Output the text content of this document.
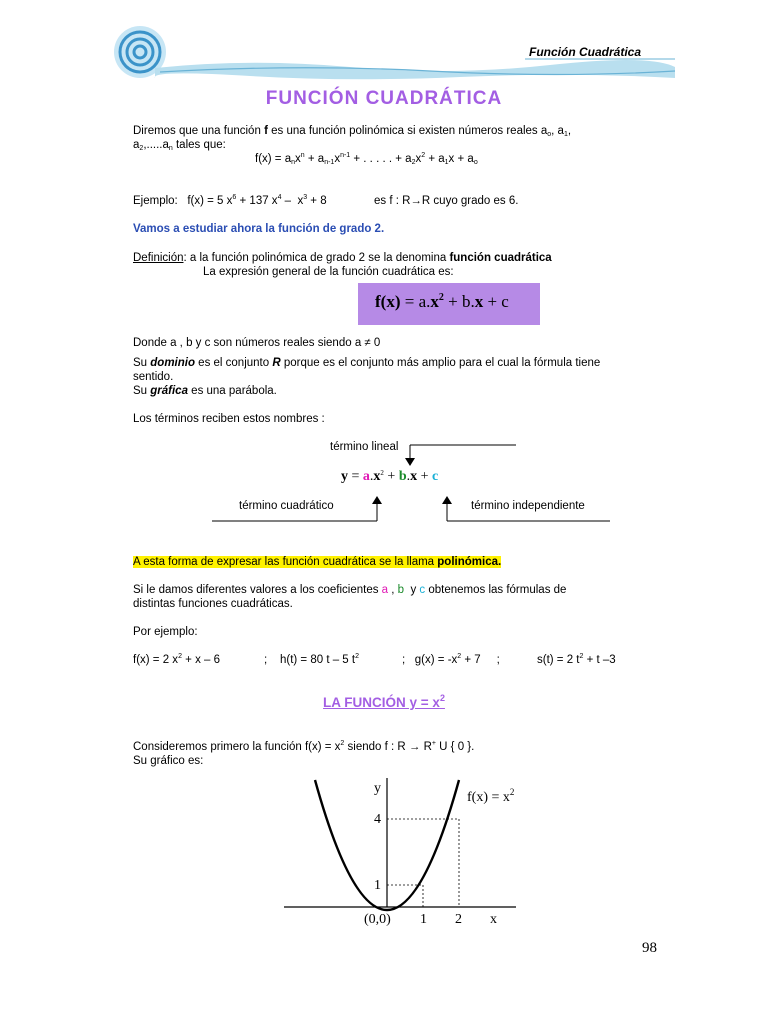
Función Cuadrática
FUNCIÓN CUADRÁTICA
Diremos que una función f es una función polinómica si existen números reales $a_o$, $a_1$,
$a_2,.....a_n$ tales que:
$f(x) = a_nx^n + a_{n-1}x^{n-1}$ + . . . . . + $a_2x^2 + a_1x + a_o$
Ejemplo: f(x) = 5 $x^6 + 137$ $x^4 - x^3 + 8$	es f : R→R cuyo grado es 6.
Vamos a estudiar ahora la función de grado 2.
Definición: a la función polinómica de grado 2 se la denomina función cuadrática
La expresión general de la función cuadrática es:
$f(x) = a.x^2 + b.x + c$
Donde a , b y c son números reales siendo a ≠ 0
Su dominio es el conjunto R porque es el conjunto más amplio para el cual la fórmula tiene
sentido.
Su gráfica es una parábola.
Los términos reciben estos nombres :
término lineal
$y = a.x^2 + b.x + c$
término cuadrático	término independiente
A esta forma de expresar las función cuadrática se la llama polinómica.
Si le damos diferentes valores a los coeficientes a , b  y c obtenemos las fórmulas de
distintas funciones cuadráticas.
Por ejemplo:
f(x) = 2 $x^2 + x - 6$	;    h(t) = 80 t – 5 $t^2$	;   $g(x) = -x^2 + 7$     ;	s(t) = 2 $t^2 + t$ –3
LA FUNCIÓN $y = x^2$
Consideremos primero la función $f(x) = x^2$ siendo f : R → R+ U { 0 }.
Su gráfico es:
y
$f(x) = x^2$
4
1
(0,0) 1 2 x
98
